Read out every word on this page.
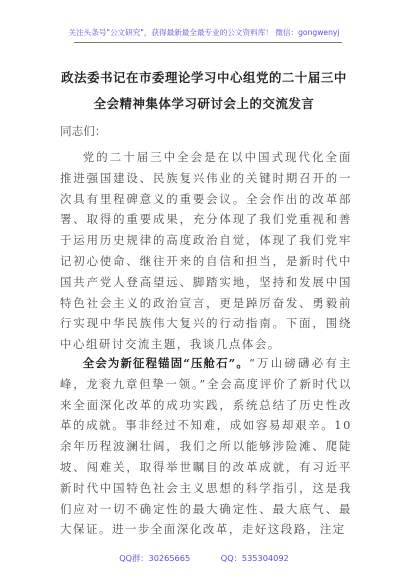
关注头条号"公文研究"，获得最新最全最专业的公文资料库！ 微信：gongwenyj
政法委书记在市委理论学习中心组党的二十届三中全会精神集体学习研讨会上的交流发言
同志们：

党的二十届三中全会是在以中国式现代化全面推进强国建设、民族复兴伟业的关键时期召开的一次具有里程碑意义的重要会议。全会作出的改革部署、取得的重要成果，充分体现了我们党重视和善于运用历史规律的高度政治自觉，体现了我们党牢记初心使命、继往开来的自信和担当，是新时代中国共产党人登高望远、脚踏实地，坚持和发展中国特色社会主义的政治宣言，更是踔厉奋发、勇毅前行实现中华民族伟大复兴的行动指南。下面，围绕中心组研讨交流主题，我谈几点体会。

全会为新征程锚固“压舱石”。“万山磅礴必有主峰，龙衮九章但挚一领。”全会高度评价了新时代以来全面深化改革的成功实践，系统总结了历史性改革的成就。事非经过不知难，成如容易却艰辛。10余年历程波澜壮阔，我们之所以能够涉险滩、爬陡坡、闯难关，取得举世瞩目的改革成就，有习近平新时代中国特色社会主义思想的科学指引，这是我们应对一切不确定性的最大确定性、最大底气、最大保证。进一步全面深化改革，走好这段路，注定

QQ群：30265665	QQ：535304092
